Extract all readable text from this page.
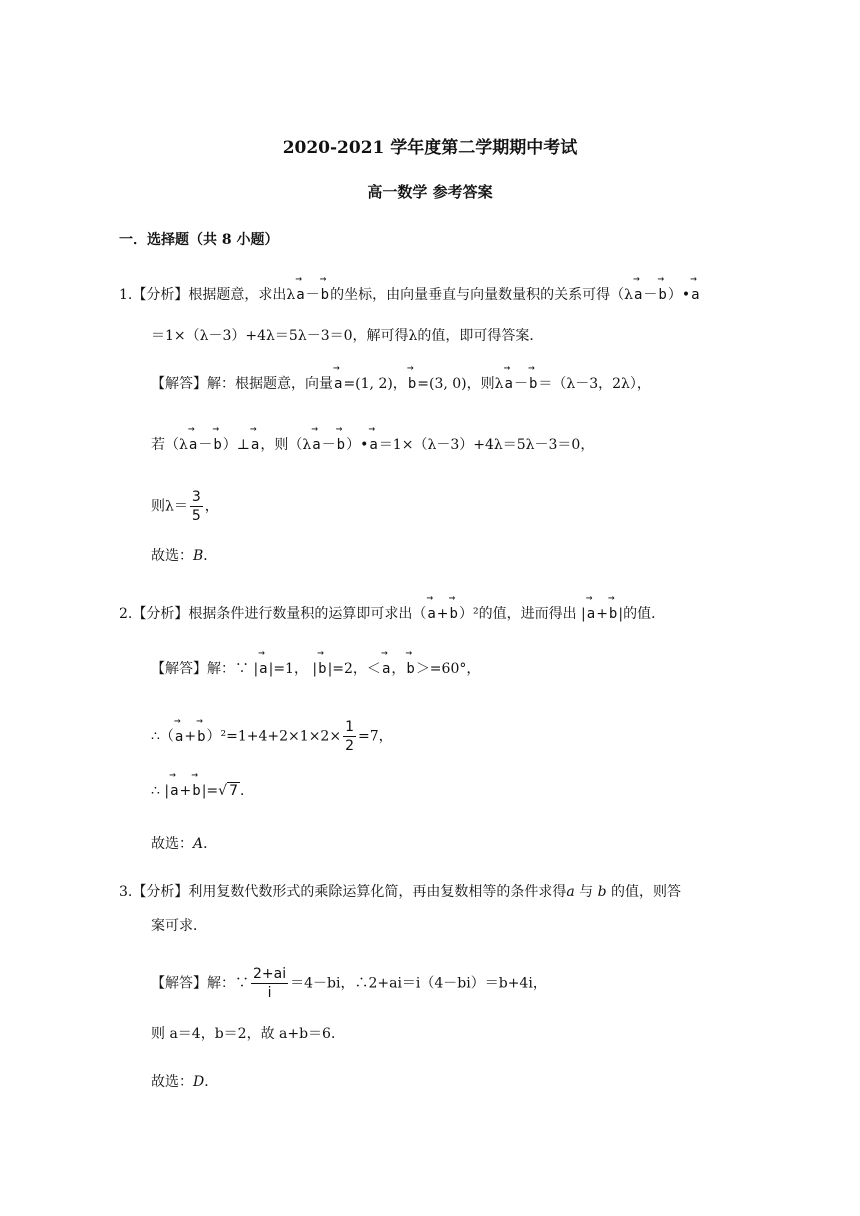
2020-2021 学年度第二学期期中考试
高一数学 参考答案
一．选择题（共 8 小题）
1.【分析】根据题意，求出λ→ a－→ b的坐标，由向量垂直与向量数量积的关系可得（λ→ a－→ b）•→ a
＝1×（λ－3）+4λ＝5λ－3＝0，解可得λ的值，即可得答案．
【解答】解：根据题意，向量→ a=(1, 2)，→ b=(3, 0)，则λ→ a－→ b＝（λ－3，2λ），
若（λ→ a－→ b）⊥→ a，则（λ→ a－→ b）•→ a＝1×（λ－3）+4λ＝5λ－3＝0，
则$\lambda= \frac{3}{5}$ ，
故选：B．
2.【分析】根据条件进行数量积的运算即可求出（→ a+→ b）²的值，进而得出 |→ a+→ b|的值．
【解答】解：∵ |→ a|=1， |→ b|=2，＜→ a，→ b＞=60°，
∴（→ $a+\to b)^2=1+4+2\times 1\times 2\times \frac{1}{2} =7$，
∴ |→ a+→ b|=√ 7 ．
故选：A．
3.【分析】利用复数代数形式的乘除运算化简，再由复数相等的条件求得a 与 b 的值，则答
案可求．
【解答】解：∵ $\frac{2+ai}{i} =4-bi$，∴2+ai＝i（4－bi）＝b+4i，
则 a＝4，b＝2，故 a+b＝6．
故选：D．
